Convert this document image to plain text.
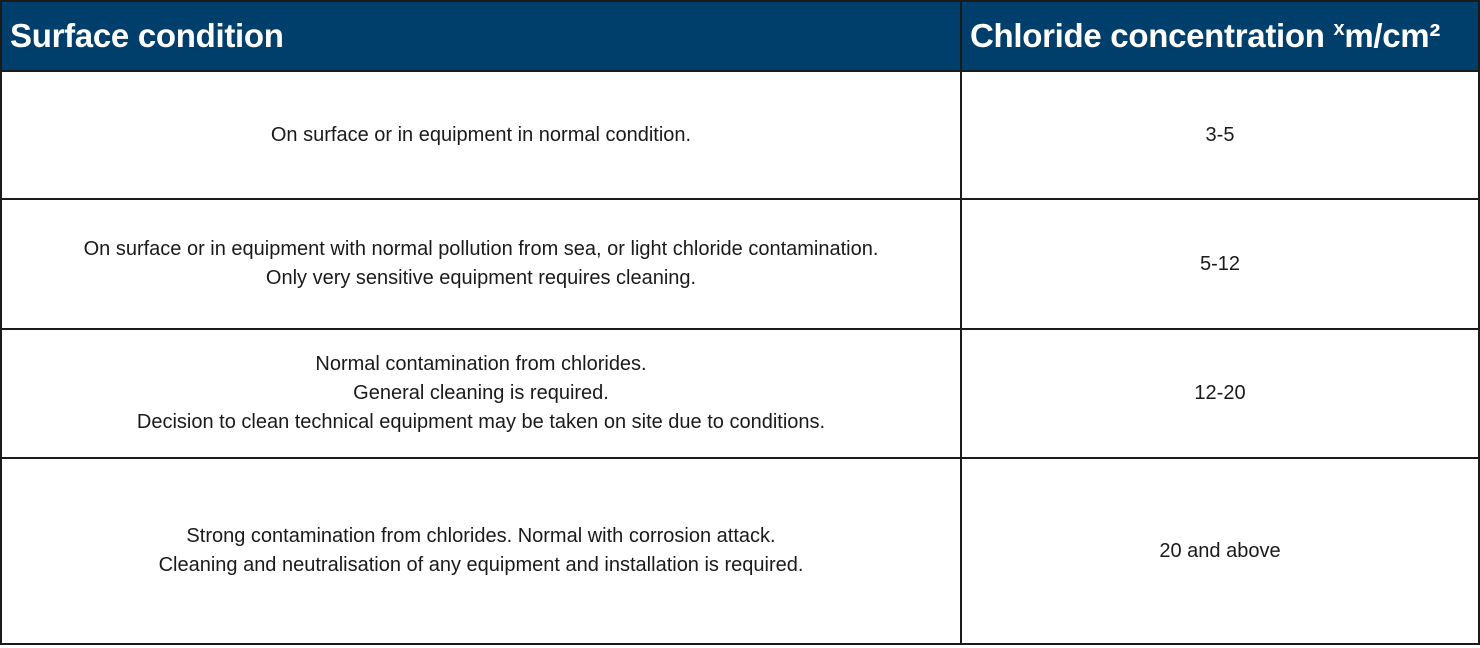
Surface condition	Chloride concentration $^x$m/cm²

On surface or in equipment in normal condition.	3-5

On surface or in equipment with normal pollution from sea, or light chloride contamination.
Only very sensitive equipment requires cleaning.	5-12

Normal contamination from chlorides.
General cleaning is required.
Decision to clean technical equipment may be taken on site due to conditions.	12-20

Strong contamination from chlorides. Normal with corrosion attack.
Cleaning and neutralisation of any equipment and installation is required.	20 and above
